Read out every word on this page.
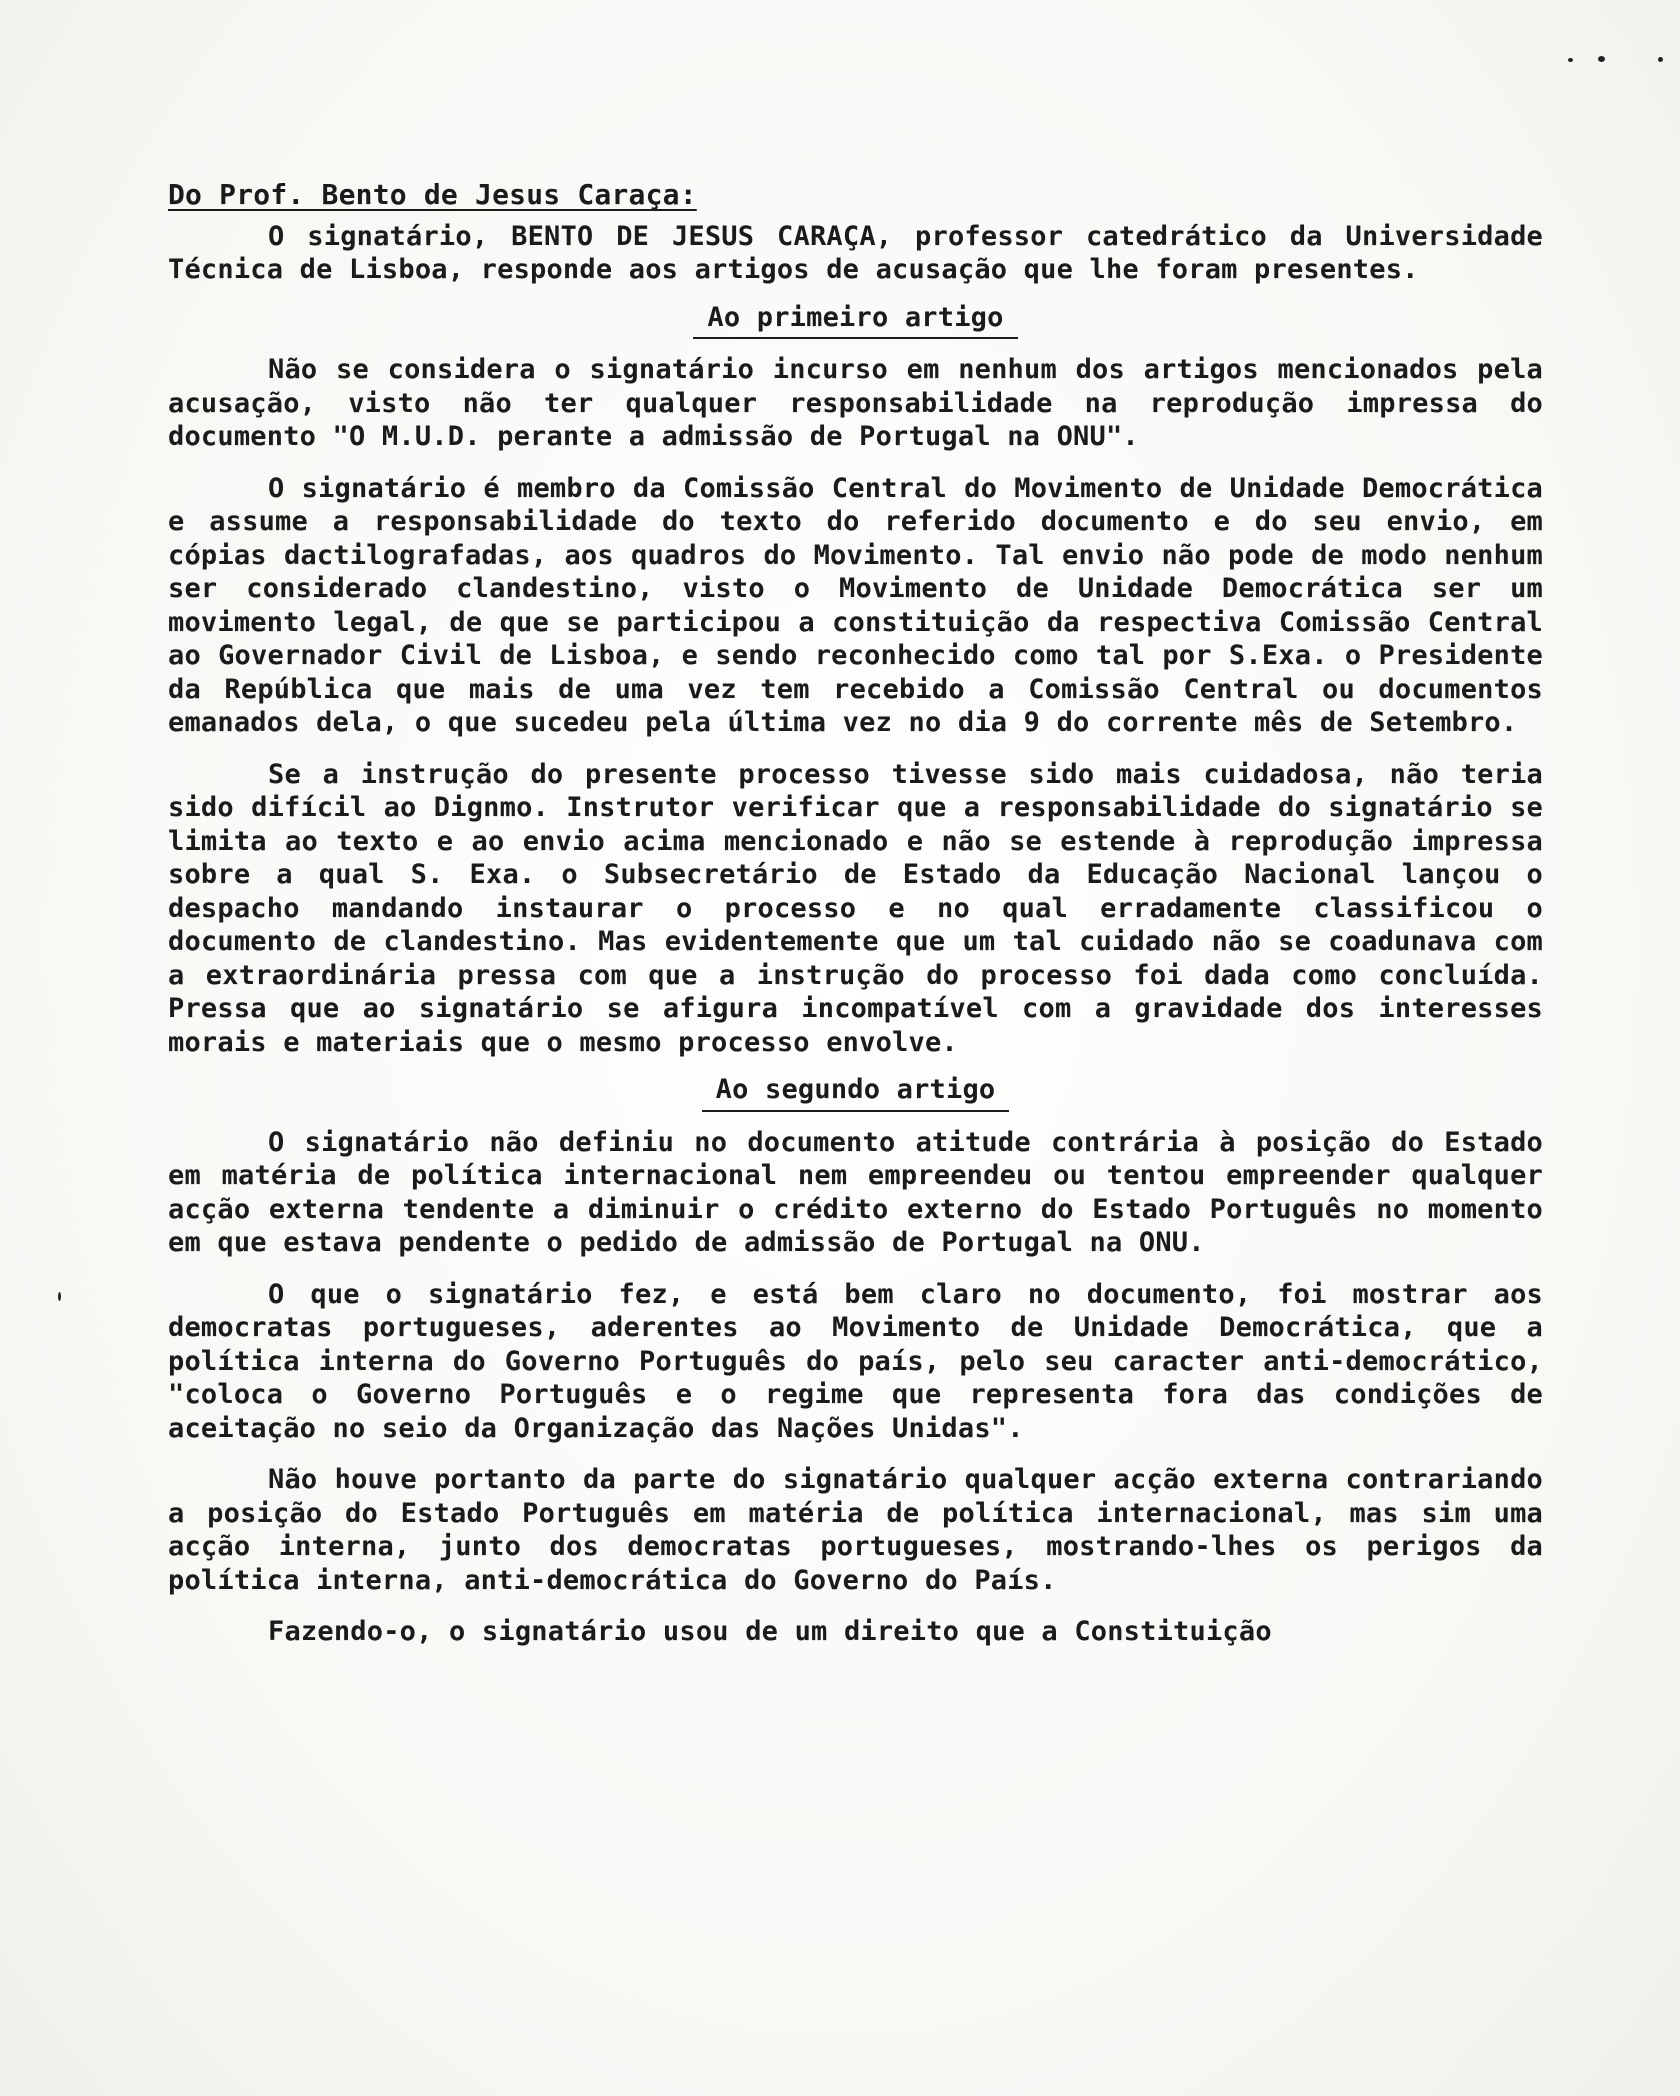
Do Prof. Bento de Jesus Caraça:

O signatário, BENTO DE JESUS CARAÇA, professor catedrático da Universidade Técnica de Lisboa, responde aos artigos de acusação que lhe foram presentes.

Ao primeiro artigo

Não se considera o signatário incurso em nenhum dos artigos mencionados pela acusação, visto não ter qualquer responsabilidade na reprodução impressa do documento "O M.U.D. perante a admissão de Portugal na ONU".

O signatário é membro da Comissão Central do Movimento de Unidade Democrática e assume a responsabilidade do texto do referido documento e do seu envio, em cópias dactilografadas, aos quadros do Movimento. Tal envio não pode de modo nenhum ser considerado clandestino, visto o Movimento de Unidade Democrática ser um movimento legal, de que se participou a constituição da respectiva Comissão Central ao Governador Civil de Lisboa, e sendo reconhecido como tal por S.Exa. o Presidente da República que mais de uma vez tem recebido a Comissão Central ou documentos emanados dela, o que sucedeu pela última vez no dia 9 do corrente mês de Setembro.

Se a instrução do presente processo tivesse sido mais cuidadosa, não teria sido difícil ao Dignmo. Instrutor verificar que a responsabilidade do signatário se limita ao texto e ao envio acima mencionado e não se estende à reprodução impressa sobre a qual S. Exa. o Subsecretário de Estado da Educação Nacional lançou o despacho mandando instaurar o processo e no qual erradamente classificou o documento de clandestino. Mas evidentemente que um tal cuidado não se coadunava com a extraordinária pressa com que a instrução do processo foi dada como concluída. Pressa que ao signatário se afigura incompatível com a gravidade dos interesses morais e materiais que o mesmo processo envolve.

Ao segundo artigo

O signatário não definiu no documento atitude contrária à posição do Estado em matéria de política internacional nem empreendeu ou tentou empreender qualquer acção externa tendente a diminuir o crédito externo do Estado Português no momento em que estava pendente o pedido de admissão de Portugal na ONU.

O que o signatário fez, e está bem claro no documento, foi mostrar aos democratas portugueses, aderentes ao Movimento de Unidade Democrática, que a política interna do Governo Português do país, pelo seu caracter anti-democrático, "coloca o Governo Português e o regime que representa fora das condições de aceitação no seio da Organização das Nações Unidas".

Não houve portanto da parte do signatário qualquer acção externa contrariando a posição do Estado Português em matéria de política internacional, mas sim uma acção interna, junto dos democratas portugueses, mostrando-lhes os perigos da política interna, anti-democrática do Governo do País.

Fazendo-o, o signatário usou de um direito que a Constituição
